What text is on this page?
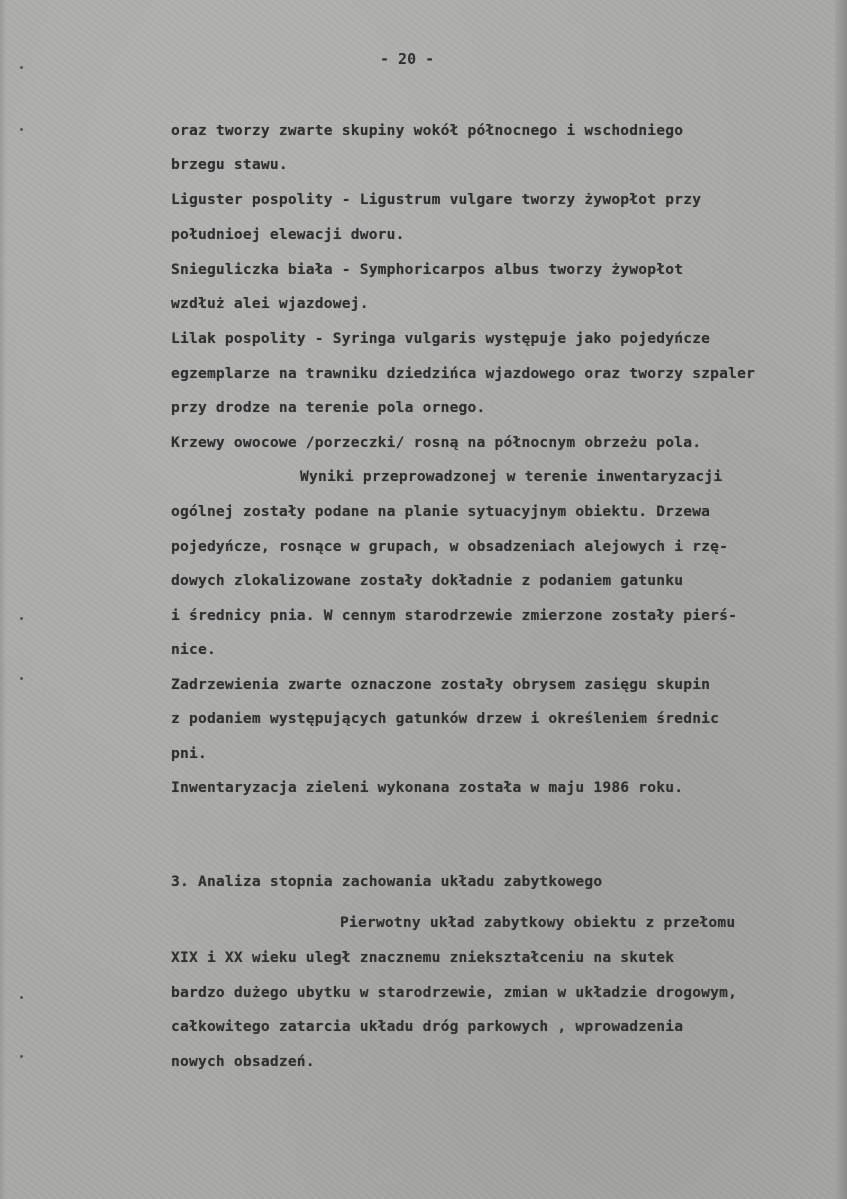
- 20 -
oraz tworzy zwarte skupiny wokół północnego i wschodniego
brzegu stawu.
Liguster pospolity - Ligustrum vulgare tworzy żywopłot przy
południoej elewacji dworu.
Snieguliczka biała - Symphoricarpos albus tworzy żywopłot
wzdłuż alei wjazdowej.
Lilak pospolity - Syringa vulgaris występuje jako pojedyńcze
egzemplarze na trawniku dziedzińca wjazdowego oraz tworzy szpaler
przy drodze na terenie pola ornego.
Krzewy owocowe /porzeczki/ rosną na północnym obrzeżu pola.
Wyniki przeprowadzonej w terenie inwentaryzacji
ogólnej zostały podane na planie sytuacyjnym obiektu. Drzewa
pojedyńcze, rosnące w grupach, w obsadzeniach alejowych i rzę-
dowych zlokalizowane zostały dokładnie z podaniem gatunku
i średnicy pnia. W cennym starodrzewie zmierzone zostały pierś-
nice.
Zadrzewienia zwarte oznaczone zostały obrysem zasięgu skupin
z podaniem występujących gatunków drzew i określeniem średnic
pni.
Inwentaryzacja zieleni wykonana została w maju 1986 roku.
3. Analiza stopnia zachowania układu zabytkowego
Pierwotny układ zabytkowy obiektu z przełomu
XIX i XX wieku uległ znacznemu zniekształceniu na skutek
bardzo dużego ubytku w starodrzewie, zmian w układzie drogowym,
całkowitego zatarcia układu dróg parkowych , wprowadzenia
nowych obsadzeń.
